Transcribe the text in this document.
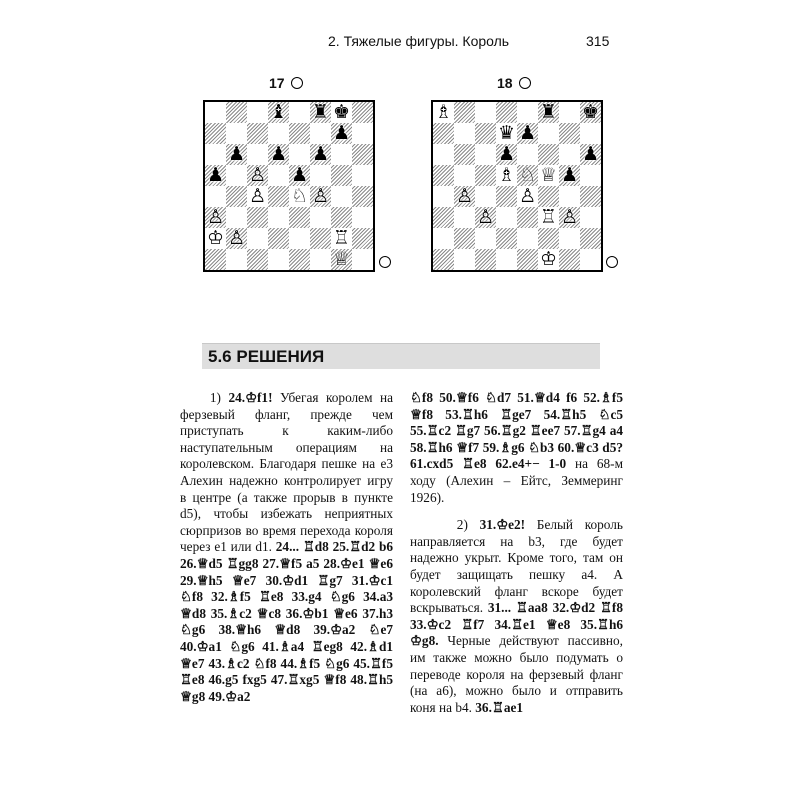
2. Тяжелые фигуры. Король	315
17
♝ ♜ ♚
♟
♟ ♟ ♟
♟ ♙ ♟
♙ ♘ ♙
♙
♔ ♙	♖
♕
18
♗	♜ ♚
♛ ♟
♟	♟
♗ ♘ ♕ ♟
♙ ♙
♙ ♖ ♙
♔
5.6 РЕШЕНИЯ

1) 24.♔f1! Убегая королем на ферзевый фланг, прежде чем приступать к каким-либо наступательным операциям на королевском. Благодаря пешке на е3 Алехин надежно контролирует игру в центре (а также прорыв в пункте d5), чтобы избежать неприятных сюрпризов во время перехода короля через е1 или d1. 24... ♖d8 25.♖d2 b6 26.♕d5 ♖gg8 27.♕f5 a5 28.♔e1 ♕e6 29.♕h5 ♕e7 30.♔d1 ♖g7 31.♔c1 ♘f8 32.♗f5 ♖e8 33.g4 ♘g6 34.a3 ♕d8 35.♗c2 ♕c8 36.♔b1 ♕e6 37.h3 ♘g6 38.♕h6 ♕d8 39.♔a2 ♘e7 40.♔a1 ♘g6 41.♗a4 ♖eg8 42.♗d1 ♕e7 43.♗c2 ♘f8 44.♗f5 ♘g6 45.♖f5 ♖e8 46.g5 fxg5 47.♖xg5 ♕f8 48.♖h5 ♕g8 49.♔a2

♘f8 50.♕f6 ♘d7 51.♕d4 f6 52.♗f5 ♕f8 53.♖h6 ♖ge7 54.♖h5 ♘c5 55.♖c2 ♖g7 56.♖g2 ♖ee7 57.♖g4 a4 58.♖h6 ♕f7 59.♗g6 ♘b3 60.♕c3 d5? 61.cxd5 ♖e8 62.e4+− 1-0 на 68-м ходу (Алехин – Ейтс, Земмеринг 1926).

2) 31.♔e2! Белый король направляется на b3, где будет надежно укрыт. Кроме того, там он будет защищать пешку а4. А королевский фланг вскоре будет вскрываться. 31... ♖aa8 32.♔d2 ♖f8 33.♔c2 ♖f7 34.♖e1 ♕e8 35.♖h6 ♔g8. Черные действуют пассивно, им также можно было подумать о переводе короля на ферзевый фланг (на а6), можно было и отправить коня на b4. 36.♖ae1
